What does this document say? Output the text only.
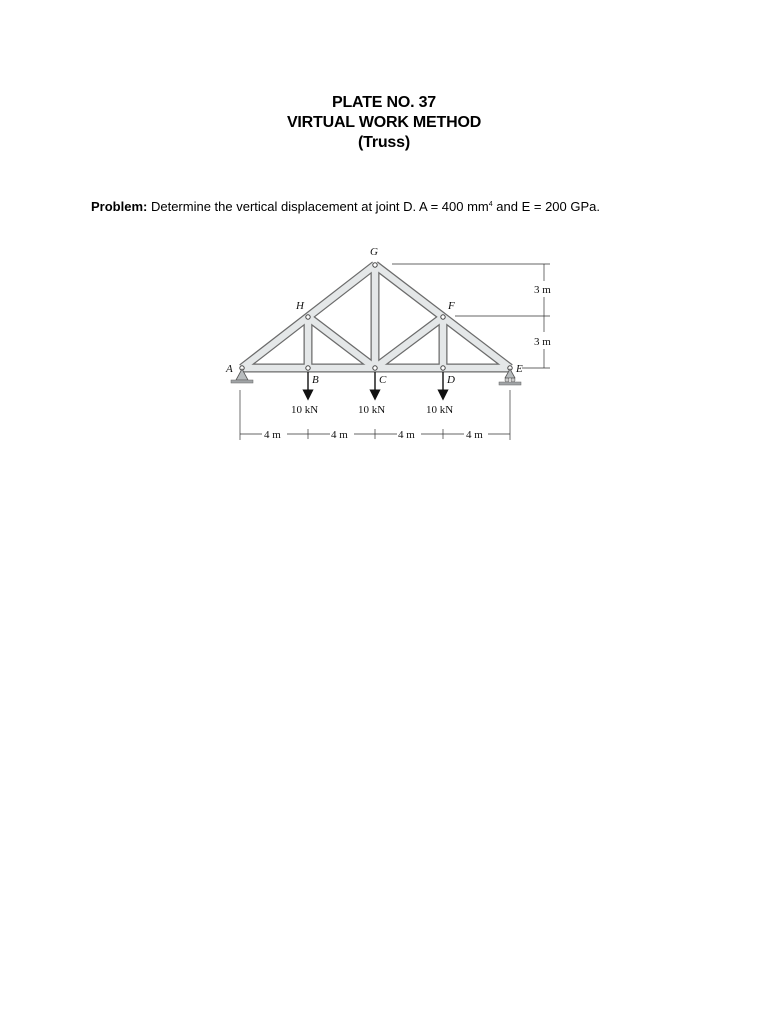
PLATE NO. 37
VIRTUAL WORK METHOD
(Truss)
Problem: Determine the vertical displacement at joint D. A = 400 $mm^4$ and E = 200 GPa.
A
B	C	D
E
F
G
H
10 kN	10 kN	10 kN
4 m	4 m	4 m	4 m
3 m
3 m
